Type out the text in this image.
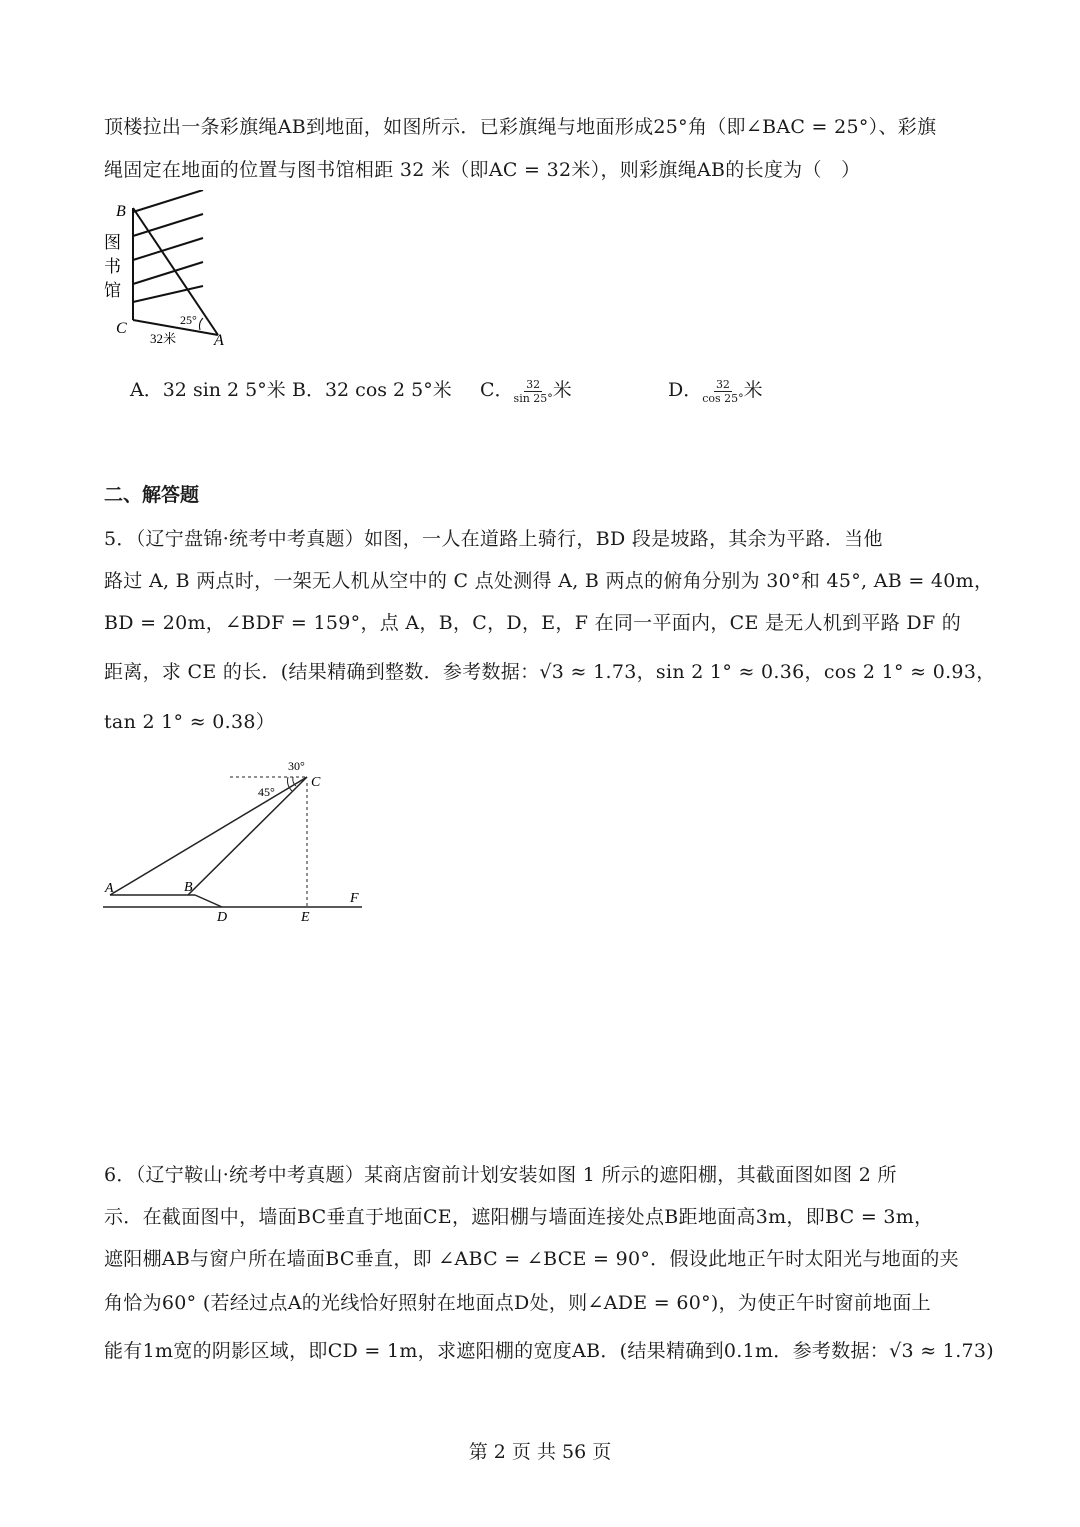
顶楼拉出一条彩旗绳AB到地面，如图所示．已彩旗绳与地面形成25°角（即∠BAC = 25°）、彩旗
绳固定在地面的位置与图书馆相距 32 米（即AC = 32米），则彩旗绳AB的长度为（　）
B
C
A
图
书
馆
25°
32米
A．32 sin 2 5°米 B．32 cos 2 5°米 C． $\frac{32}{\sin 25^\circ}$ 米	D． $\frac{32}{\cos 25^\circ}$ 米
二、解答题
5．（辽宁盘锦·统考中考真题）如图，一人在道路上骑行，BD 段是坡路，其余为平路．当他
路过 A, B 两点时，一架无人机从空中的 C 点处测得 A, B 两点的俯角分别为 30°和 45°, AB = 40m，
BD = 20m，∠BDF = 159°，点 A，B，C，D，E，F 在同一平面内，CE 是无人机到平路 DF 的
距离，求 CE 的长．(结果精确到整数．参考数据：√3 ≈ 1.73，sin 2 1° ≈ 0.36，cos 2 1° ≈ 0.93，
tan 2 1° ≈ 0.38）
30°
45°
C
A	B
D	E
F
6．（辽宁鞍山·统考中考真题）某商店窗前计划安装如图 1 所示的遮阳棚，其截面图如图 2 所
示．在截面图中，墙面BC垂直于地面CE，遮阳棚与墙面连接处点B距地面高3m，即BC = 3m，
遮阳棚AB与窗户所在墙面BC垂直，即 ∠ABC = ∠BCE = 90°．假设此地正午时太阳光与地面的夹
角恰为60° (若经过点A的光线恰好照射在地面点D处，则∠ADE = 60°)，为使正午时窗前地面上
能有1m宽的阴影区域，即CD = 1m，求遮阳棚的宽度AB．(结果精确到0.1m．参考数据：√3 ≈ 1.73)
第 2 页 共 56 页
